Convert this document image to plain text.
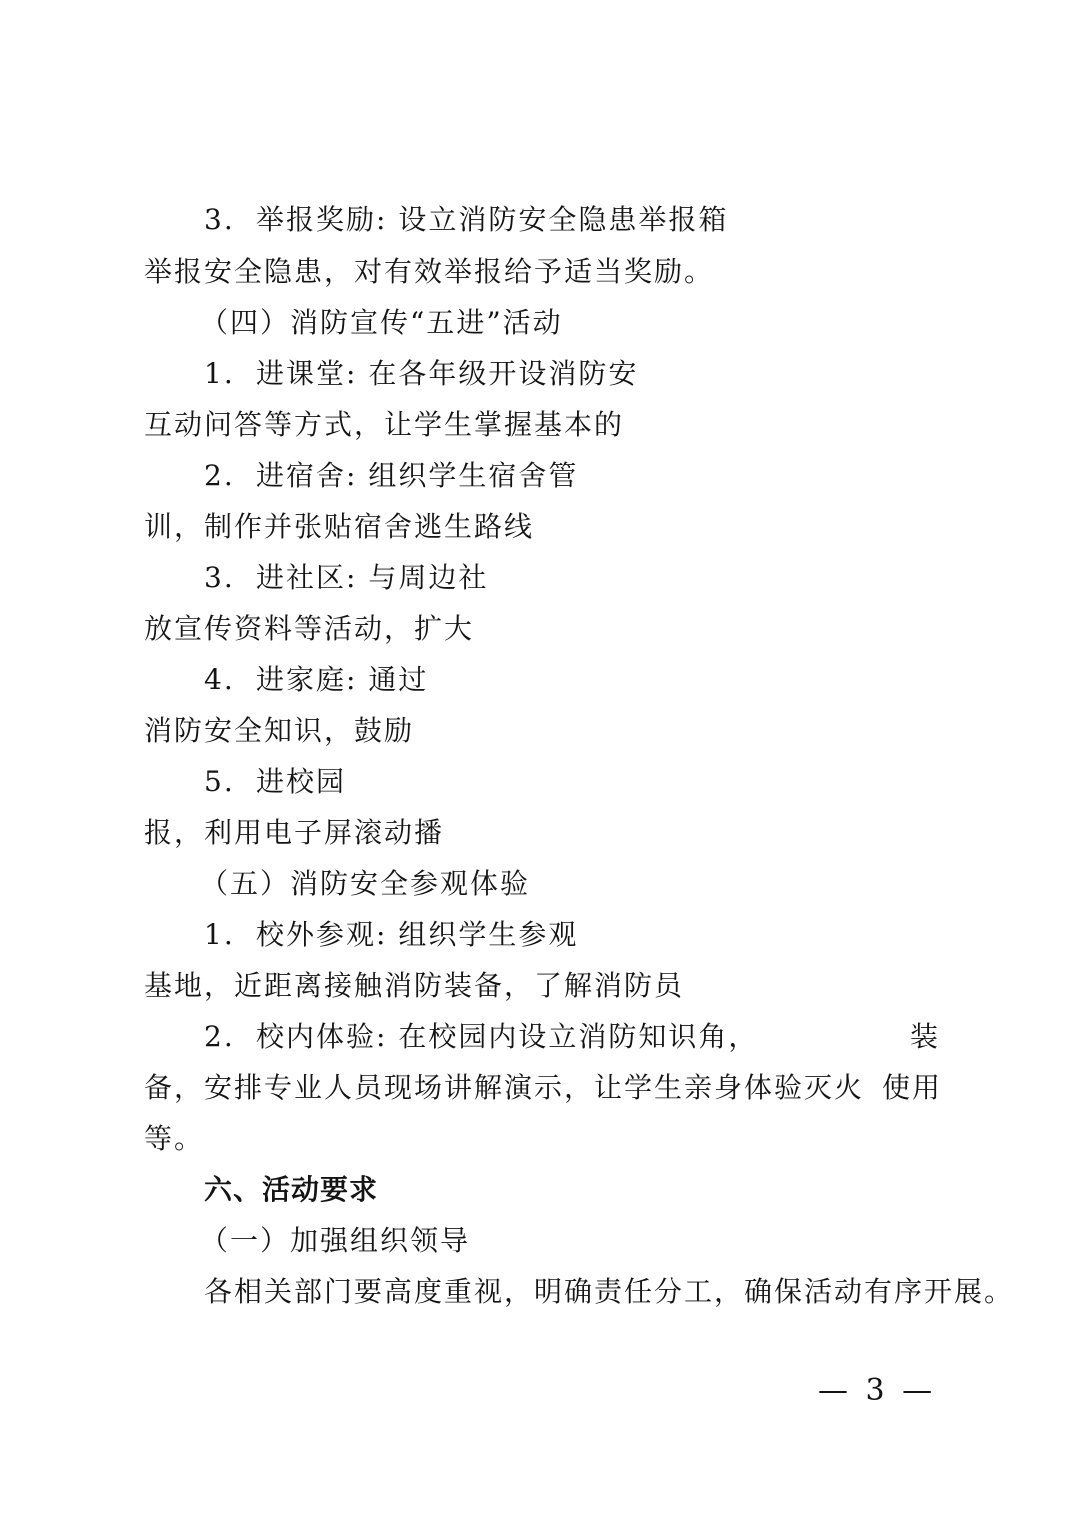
3. 举报奖励: 设立消防安全隐患举报箱
举报安全隐患，对有效举报给予适当奖励。
（四）消防宣传“五进”活动
1. 进课堂: 在各年级开设消防安
互动问答等方式，让学生掌握基本的
2. 进宿舍: 组织学生宿舍管
训，制作并张贴宿舍逃生路线
3. 进社区: 与周边社
放宣传资料等活动，扩大
4. 进家庭: 通过
消防安全知识，鼓励
5. 进校园
报，利用电子屏滚动播
（五）消防安全参观体验
1. 校外参观: 组织学生参观
基地，近距离接触消防装备，了解消防员
2. 校内体验: 在校园内设立消防知识角，	装
备，安排专业人员现场讲解演示，让学生亲身体验灭火 使用
等。
六、活动要求
（一）加强组织领导
各相关部门要高度重视，明确责任分工，确保活动有序开展。
— 3 —
